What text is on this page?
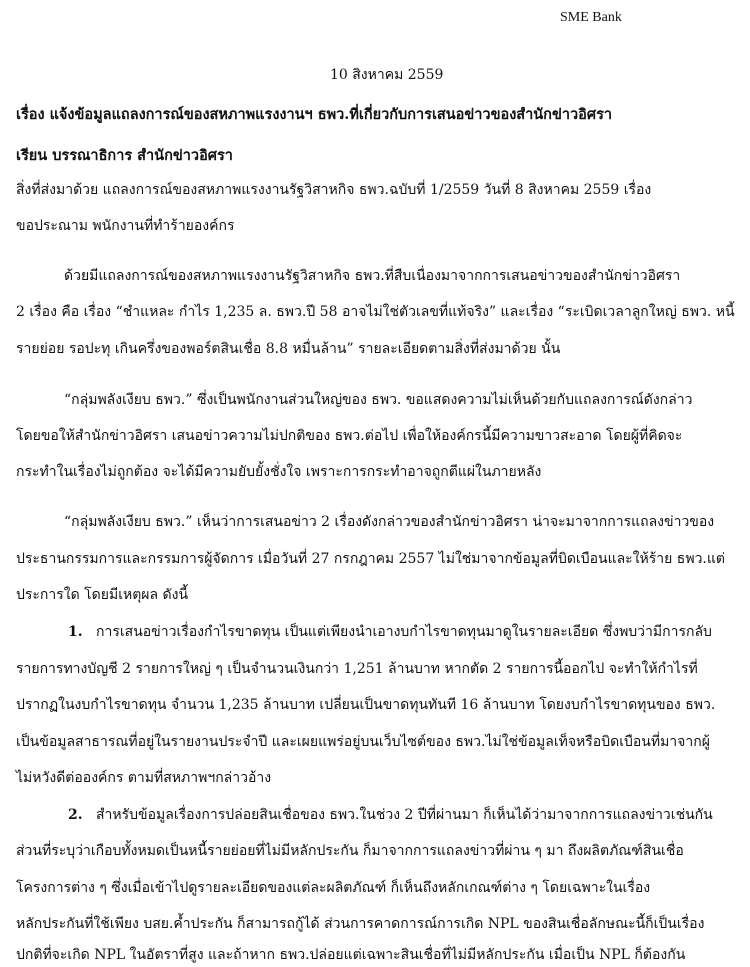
SME Bank
10 สิงหาคม 2559
เรื่อง แจ้งข้อมูลแถลงการณ์ของสหภาพแรงงานฯ ธพว.ที่เกี่ยวกับการเสนอข่าวของสำนักข่าวอิศรา
เรียน บรรณาธิการ สำนักข่าวอิศรา
สิ่งที่ส่งมาด้วย แถลงการณ์ของสหภาพแรงงานรัฐวิสาหกิจ ธพว.ฉบับที่ 1/2559 วันที่ 8 สิงหาคม 2559 เรื่อง
ขอประณาม พนักงานที่ทำร้ายองค์กร
ด้วยมีแถลงการณ์ของสหภาพแรงงานรัฐวิสาหกิจ ธพว.ที่สืบเนื่องมาจากการเสนอข่าวของสำนักข่าวอิศรา
2 เรื่อง คือ เรื่อง “ชำแหละ กำไร 1,235 ล. ธพว.ปี 58 อาจไม่ใช่ตัวเลขที่แท้จริง” และเรื่อง “ระเบิดเวลาลูกใหญ่ ธพว. หนี้
รายย่อย รอปะทุ เกินครึ่งของพอร์ตสินเชื่อ 8.8 หมื่นล้าน” รายละเอียดตามสิ่งที่ส่งมาด้วย นั้น
“กลุ่มพลังเงียบ ธพว.” ซึ่งเป็นพนักงานส่วนใหญ่ของ ธพว. ขอแสดงความไม่เห็นด้วยกับแถลงการณ์ดังกล่าว
โดยขอให้สำนักข่าวอิศรา เสนอข่าวความไม่ปกติของ ธพว.ต่อไป เพื่อให้องค์กรนี้มีความขาวสะอาด โดยผู้ที่คิดจะ
กระทำในเรื่องไม่ถูกต้อง จะได้มีความยับยั้งชั่งใจ เพราะการกระทำอาจถูกตีแผ่ในภายหลัง
“กลุ่มพลังเงียบ ธพว.” เห็นว่าการเสนอข่าว 2 เรื่องดังกล่าวของสำนักข่าวอิศรา น่าจะมาจากการแถลงข่าวของ
ประธานกรรมการและกรรมการผู้จัดการ เมื่อวันที่ 27 กรกฎาคม 2557 ไม่ใช่มาจากข้อมูลที่บิดเบือนและให้ร้าย ธพว.แต่
ประการใด โดยมีเหตุผล ดังนี้
1. การเสนอข่าวเรื่องกำไรขาดทุน เป็นแต่เพียงนำเอางบกำไรขาดทุนมาดูในรายละเอียด ซึ่งพบว่ามีการกลับ
รายการทางบัญชี 2 รายการใหญ่ ๆ เป็นจำนวนเงินกว่า 1,251 ล้านบาท หากตัด 2 รายการนี้ออกไป จะทำให้กำไรที่
ปรากฏในงบกำไรขาดทุน จำนวน 1,235 ล้านบาท เปลี่ยนเป็นขาดทุนทันที 16 ล้านบาท โดยงบกำไรขาดทุนของ ธพว.
เป็นข้อมูลสาธารณที่อยู่ในรายงานประจำปี และเผยแพร่อยู่บนเว็บไซต์ของ ธพว.ไม่ใช่ข้อมูลเท็จหรือบิดเบือนที่มาจากผู้
ไม่หวังดีต่อองค์กร ตามที่สหภาพฯกล่าวอ้าง
2. สำหรับข้อมูลเรื่องการปล่อยสินเชื่อของ ธพว.ในช่วง 2 ปีที่ผ่านมา ก็เห็นได้ว่ามาจากการแถลงข่าวเช่นกัน
ส่วนที่ระบุว่าเกือบทั้งหมดเป็นหนี้รายย่อยที่ไม่มีหลักประกัน ก็มาจากการแถลงข่าวที่ผ่าน ๆ มา ถึงผลิตภัณฑ์สินเชื่อ
โครงการต่าง ๆ ซึ่งเมื่อเข้าไปดูรายละเอียดของแต่ละผลิตภัณฑ์ ก็เห็นถึงหลักเกณฑ์ต่าง ๆ โดยเฉพาะในเรื่อง
หลักประกันที่ใช้เพียง บสย.ค้ำประกัน ก็สามารถกู้ได้ ส่วนการคาดการณ์การเกิด NPL ของสินเชื่อลักษณะนี้ก็เป็นเรื่อง
ปกติที่จะเกิด NPL ในอัตราที่สูง และถ้าหาก ธพว.ปล่อยแต่เฉพาะสินเชื่อที่ไม่มีหลักประกัน เมื่อเป็น NPL ก็ต้องกัน
